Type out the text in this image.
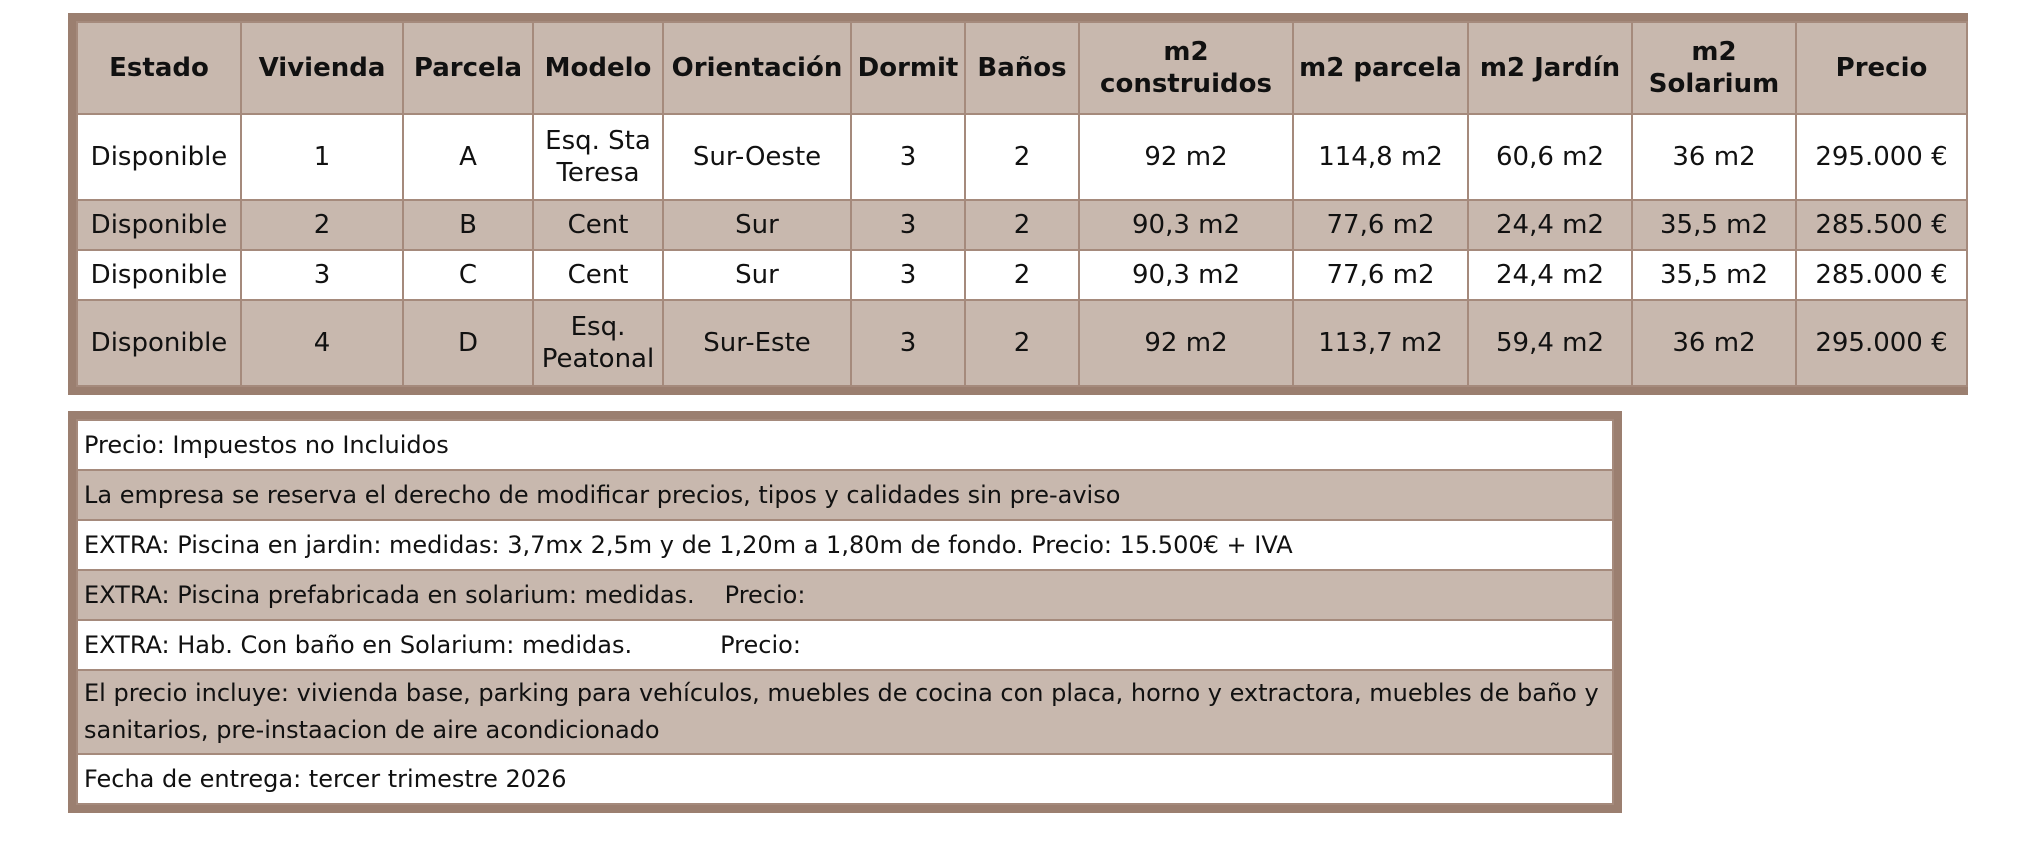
Estado	Vivienda	Parcela	Modelo	Orientación	Dormit	Baños	m2 construidos	m2 parcela	m2 Jardín	m2 Solarium	Precio
Disponible	1	A	Esq. Sta Teresa	Sur-Oeste	3	2	92 m2	114,8 m2	60,6 m2	36 m2	295.000 €
Disponible	2	B	Cent	Sur	3	2	90,3 m2	77,6 m2	24,4 m2	35,5 m2	285.500 €
Disponible	3	C	Cent	Sur	3	2	90,3 m2	77,6 m2	24,4 m2	35,5 m2	285.000 €
Disponible	4	D	Esq. Peatonal	Sur-Este	3	2	92 m2	113,7 m2	59,4 m2	36 m2	295.000 €
Precio: Impuestos no Incluidos
La empresa se reserva el derecho de modificar precios, tipos y calidades sin pre-aviso
EXTRA: Piscina en jardin: medidas: 3,7mx 2,5m y de 1,20m a 1,80m de fondo. Precio: 15.500€ + IVA
EXTRA: Piscina prefabricada en solarium: medidas. Precio:
EXTRA: Hab. Con baño en Solarium: medidas.	Precio:
El precio incluye: vivienda base, parking para vehículos, muebles de cocina con placa, horno y extractora, muebles de baño y sanitarios, pre-instaacion de aire acondicionado
Fecha de entrega: tercer trimestre 2026
